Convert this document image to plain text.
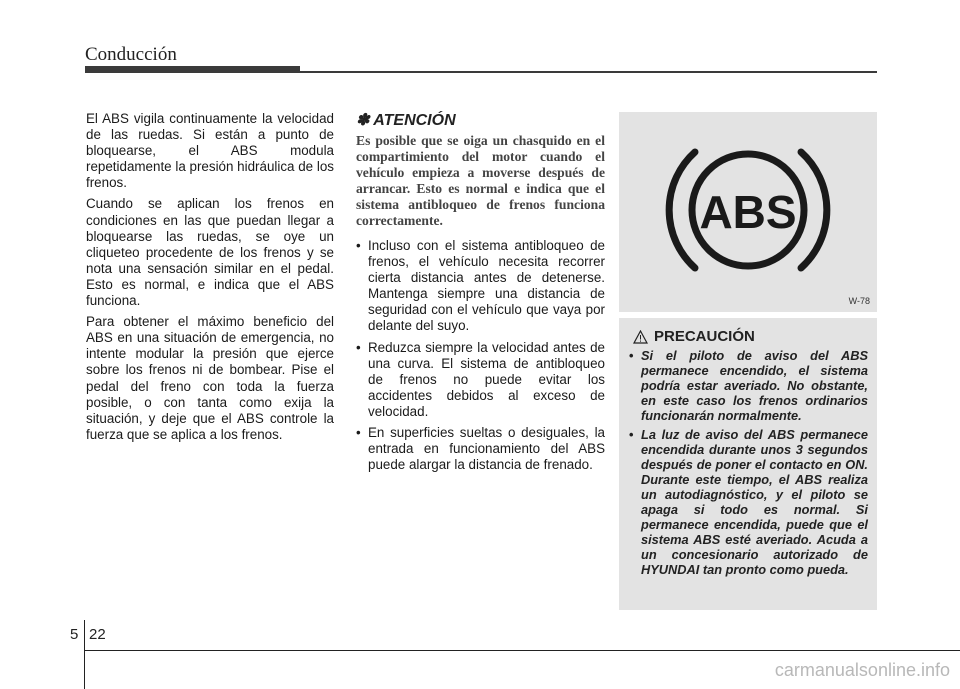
Conducción

El ABS vigila continuamente la velocidad de las ruedas. Si están a punto de bloquearse, el ABS modula repetidamente la presión hidráulica de los frenos.

Cuando se aplican los frenos en condiciones en las que puedan llegar a bloquearse las ruedas, se oye un cliqueteo procedente de los frenos y se nota una sensación similar en el pedal. Esto es normal, e indica que el ABS funciona.

Para obtener el máximo beneficio del ABS en una situación de emergencia, no intente modular la presión que ejerce sobre los frenos ni de bombear. Pise el pedal del freno con toda la fuerza posible, o con tanta como exija la situación, y deje que el ABS controle la fuerza que se aplica a los frenos.

✽ ATENCIÓN
Es posible que se oiga un chasquido en el compartimiento del motor cuando el vehículo empieza a moverse después de arrancar. Esto es normal e indica que el sistema antibloqueo de frenos funciona correctamente.
• Incluso con el sistema antibloqueo de frenos, el vehículo necesita recorrer cierta distancia antes de detenerse. Mantenga siempre una distancia de seguridad con el vehículo que vaya por delante del suyo.
• Reduzca siempre la velocidad antes de una curva. El sistema de antibloqueo de frenos no puede evitar los accidentes debidos al exceso de velocidad.
• En superficies sueltas o desiguales, la entrada en funcionamiento del ABS puede alargar la distancia de frenado.
ABS
W-78
PRECAUCIÓN
• Si el piloto de aviso del ABS permanece encendido, el sistema podría estar averiado. No obstante, en este caso los frenos ordinarios funcionarán normalmente.
• La luz de aviso del ABS permanece encendida durante unos 3 segundos después de poner el contacto en ON. Durante este tiempo, el ABS realiza un autodiagnóstico, y el piloto se apaga si todo es normal. Si permanece encendida, puede que el sistema ABS esté averiado. Acuda a un concesionario autorizado de HYUNDAI tan pronto como pueda.
5 22
carmanualsonline.info
